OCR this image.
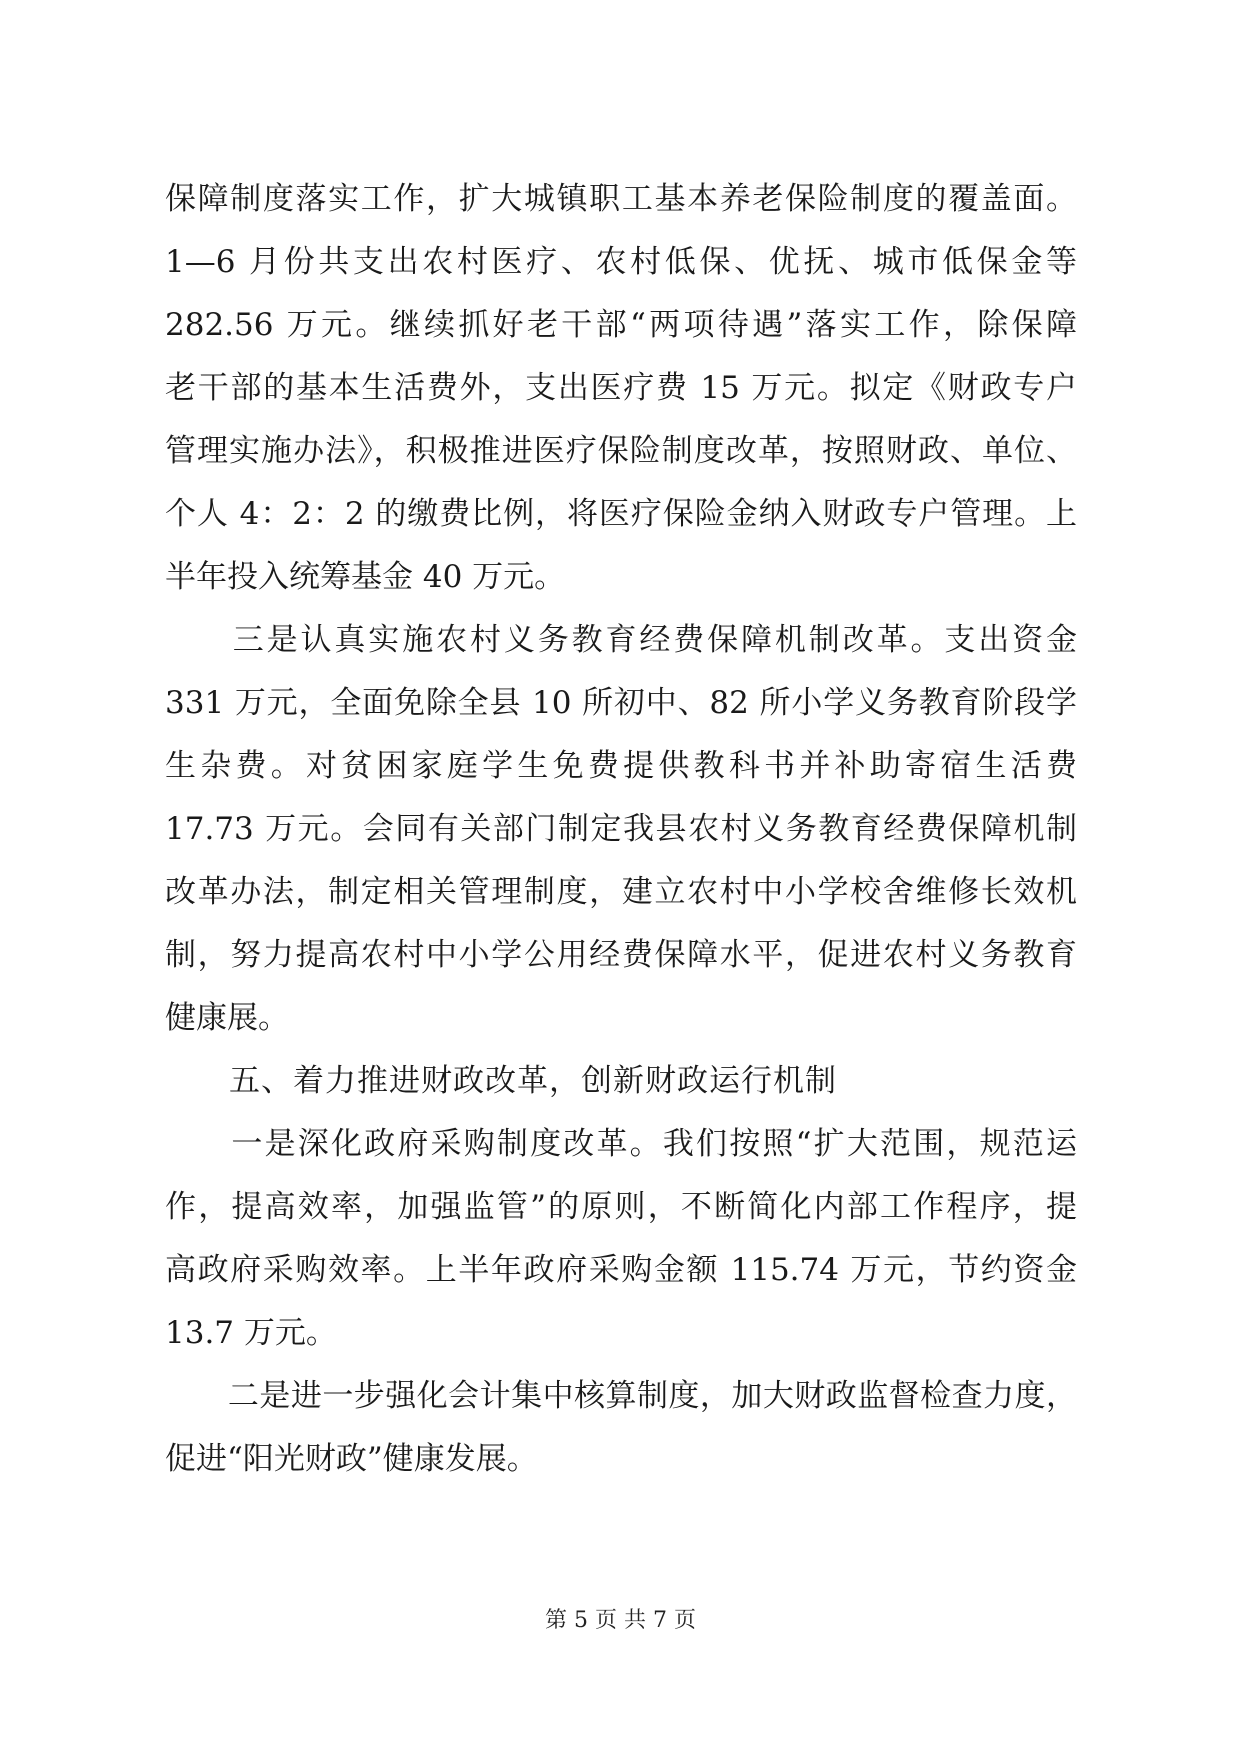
保障制度落实工作，扩大城镇职工基本养老保险制度的覆盖面。
1—6 月份共支出农村医疗、农村低保、优抚、城市低保金等
282.56 万元。继续抓好老干部“两项待遇”落实工作，除保障
老干部的基本生活费外，支出医疗费 15 万元。拟定《财政专户
管理实施办法》，积极推进医疗保险制度改革，按照财政、单位、
个人 4：2：2 的缴费比例，将医疗保险金纳入财政专户管理。上
半年投入统筹基金 40 万元。
　　三是认真实施农村义务教育经费保障机制改革。支出资金
331 万元，全面免除全县 10 所初中、82 所小学义务教育阶段学
生杂费。对贫困家庭学生免费提供教科书并补助寄宿生活费
17.73 万元。会同有关部门制定我县农村义务教育经费保障机制
改革办法，制定相关管理制度，建立农村中小学校舍维修长效机
制，努力提高农村中小学公用经费保障水平，促进农村义务教育
健康展。
　　五、着力推进财政改革，创新财政运行机制
　　一是深化政府采购制度改革。我们按照“扩大范围，规范运
作，提高效率，加强监管”的原则，不断简化内部工作程序，提
高政府采购效率。上半年政府采购金额 115.74 万元，节约资金
13.7 万元。
　　二是进一步强化会计集中核算制度，加大财政监督检查力度，
促进“阳光财政”健康发展。
第 5 页 共 7 页
